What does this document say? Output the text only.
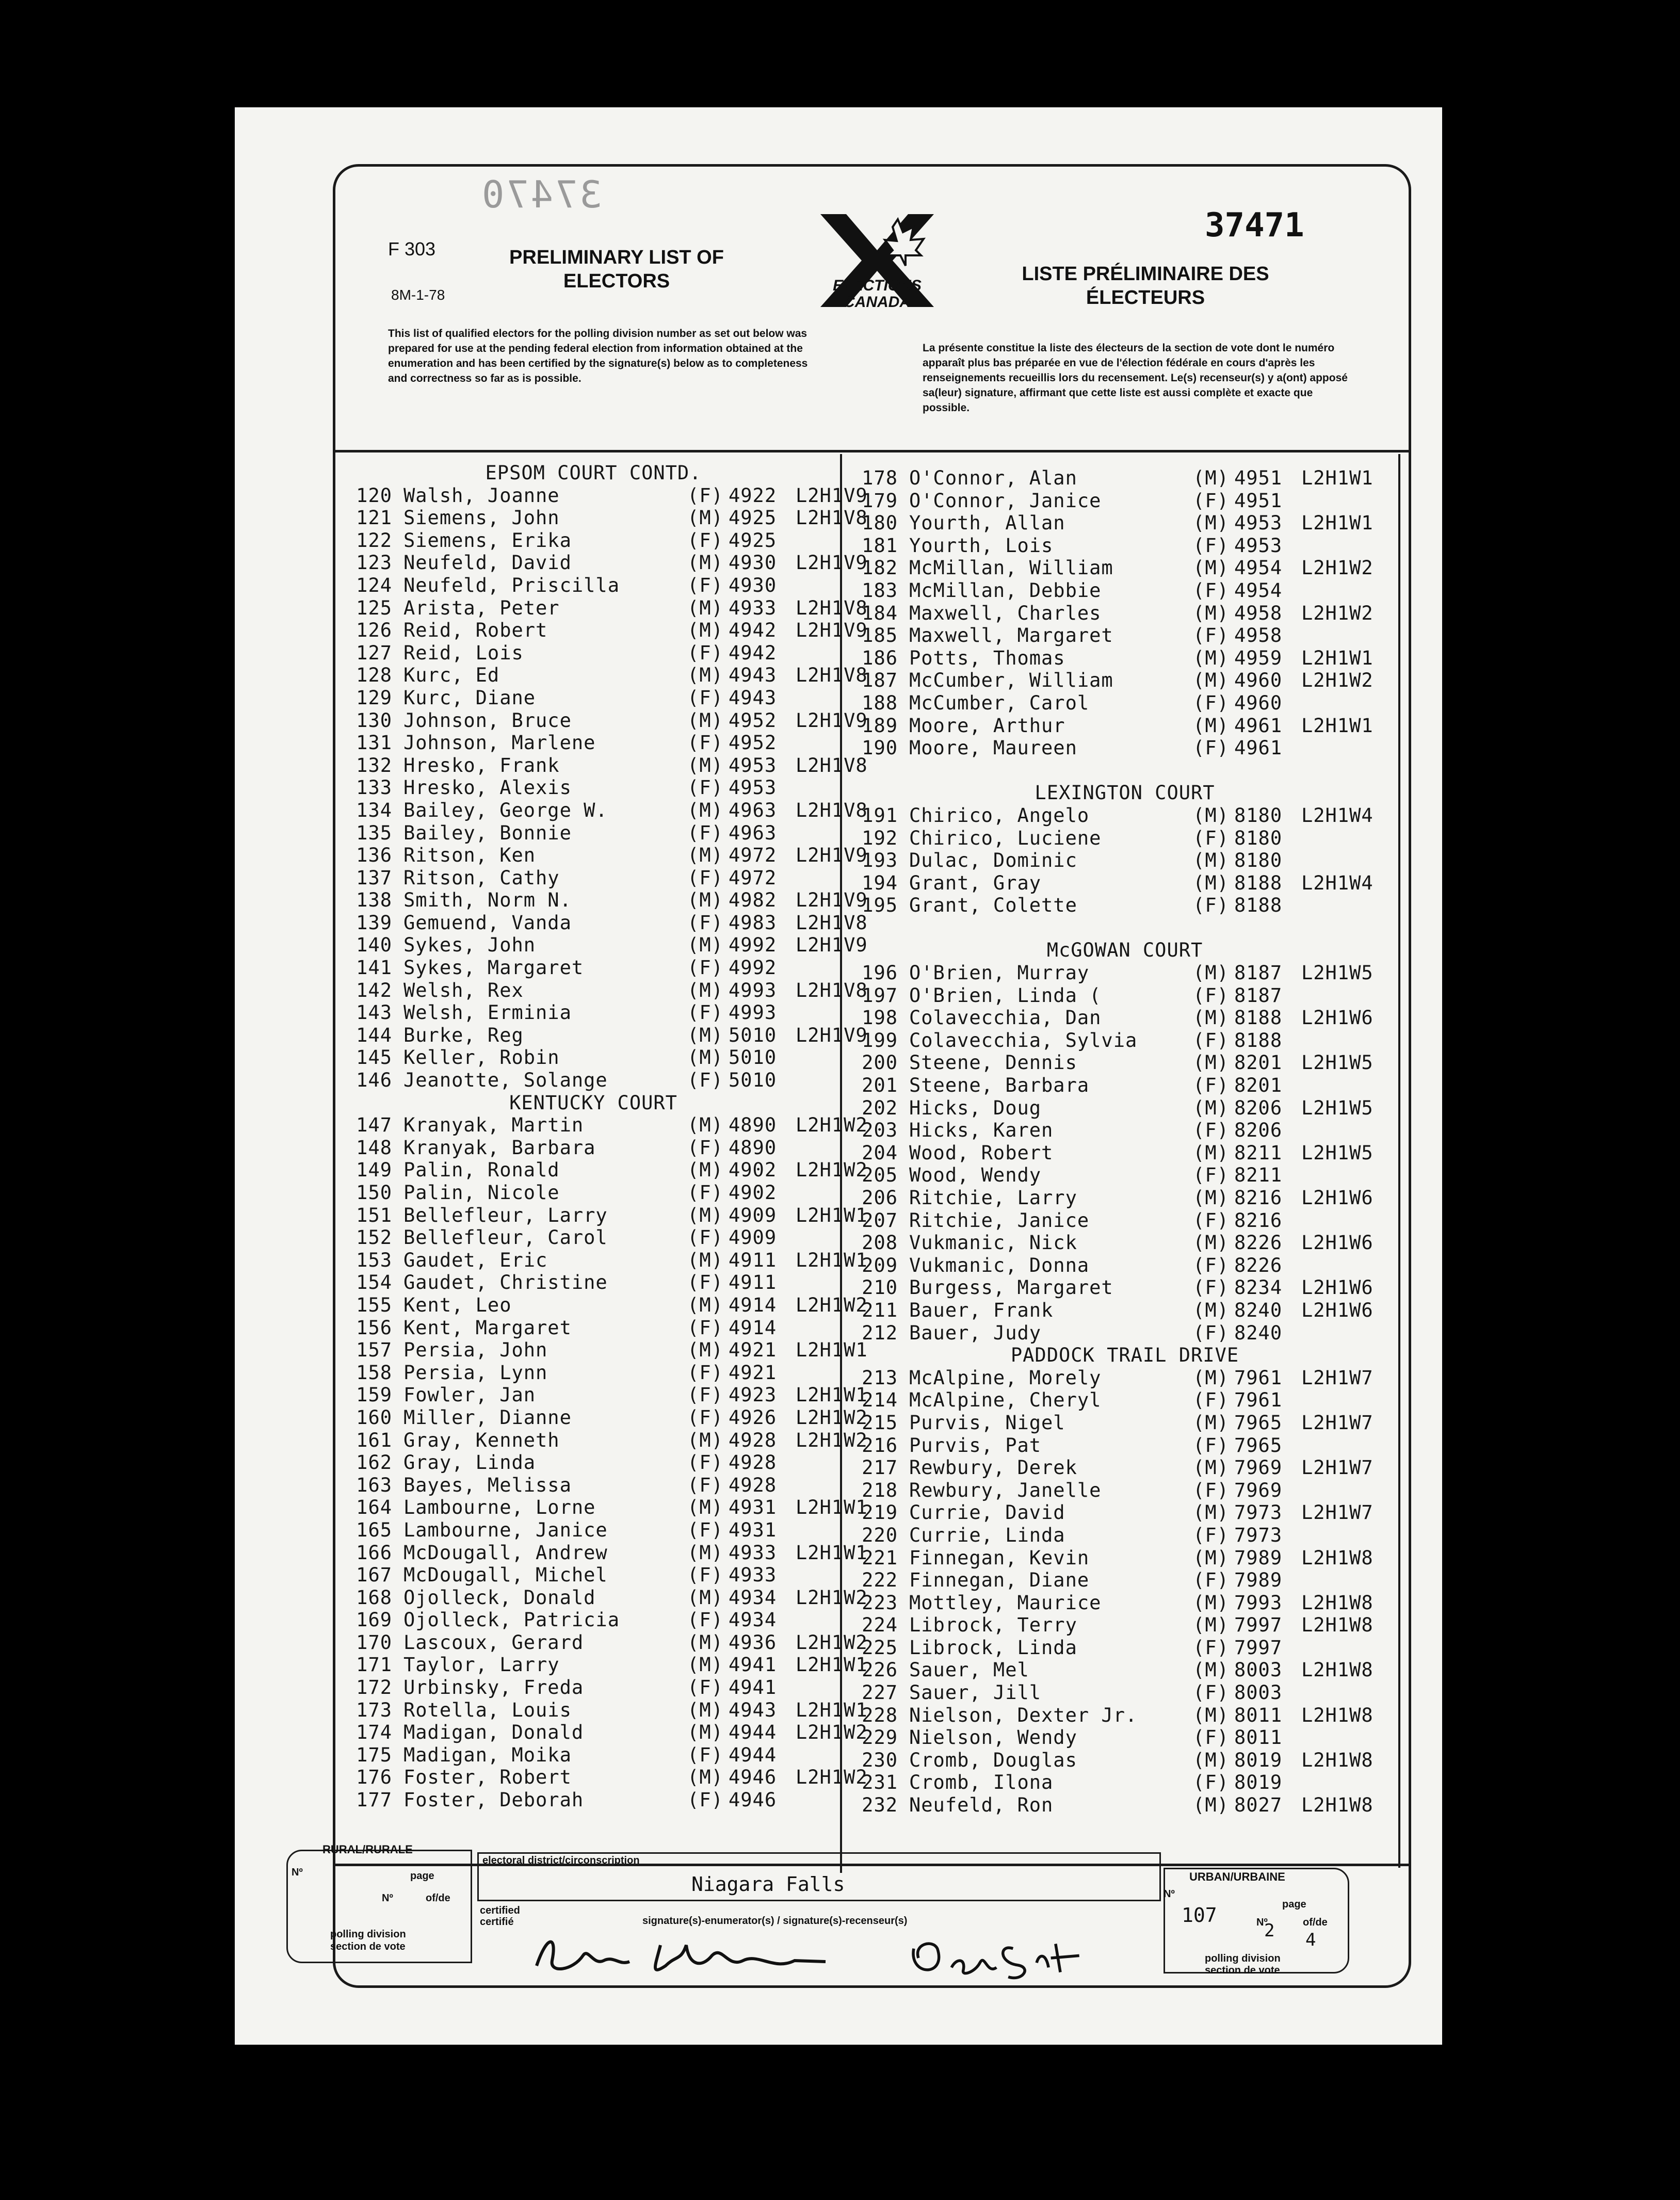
37470
37471
F 303
8M-1-78
PRELIMINARY LIST OF
ELECTORS	ELECTIONS
CANADA
LISTE PRÉLIMINAIRE DES
ÉLECTEURS
This list of qualified electors for the polling division number as set out below was prepared for use at the pending federal election from information obtained at the enumeration and has been certified by the signature(s) below as to completeness and correctness so far as is possible.
La présente constitue la liste des électeurs de la section de vote dont le numéro apparaît plus bas préparée en vue de l'élection fédérale en cours d'après les renseignements recueillis lors du recensement. Le(s) recenseur(s) y a(ont) apposé sa(leur) signature, affirmant que cette liste est aussi complète et exacte que possible.
EPSOM COURT CONTD.
120 Walsh, Joanne	(F) 4922 L2H1V9
121 Siemens, John	(M) 4925 L2H1V8
122 Siemens, Erika	(F) 4925
123 Neufeld, David	(M) 4930 L2H1V9
124 Neufeld, Priscilla	(F) 4930
125 Arista, Peter	(M) 4933 L2H1V8
126 Reid, Robert	(M) 4942 L2H1V9
127 Reid, Lois	(F) 4942
128 Kurc, Ed	(M) 4943 L2H1V8
129 Kurc, Diane	(F) 4943
130 Johnson, Bruce	(M) 4952 L2H1V9
131 Johnson, Marlene	(F) 4952
132 Hresko, Frank	(M) 4953 L2H1V8
133 Hresko, Alexis	(F) 4953
134 Bailey, George W.	(M) 4963 L2H1V8
135 Bailey, Bonnie	(F) 4963
136 Ritson, Ken	(M) 4972 L2H1V9
137 Ritson, Cathy	(F) 4972
138 Smith, Norm N.	(M) 4982 L2H1V9
139 Gemuend, Vanda	(F) 4983 L2H1V8
140 Sykes, John	(M) 4992 L2H1V9
141 Sykes, Margaret	(F) 4992
142 Welsh, Rex	(M) 4993 L2H1V8
143 Welsh, Erminia	(F) 4993
144 Burke, Reg	(M) 5010 L2H1V9
145 Keller, Robin	(M) 5010
146 Jeanotte, Solange	(F) 5010
KENTUCKY COURT
147 Kranyak, Martin	(M) 4890 L2H1W2
148 Kranyak, Barbara	(F) 4890
149 Palin, Ronald	(M) 4902 L2H1W2
150 Palin, Nicole	(F) 4902
151 Bellefleur, Larry	(M) 4909 L2H1W1
152 Bellefleur, Carol	(F) 4909
153 Gaudet, Eric	(M) 4911 L2H1W1
154 Gaudet, Christine	(F) 4911
155 Kent, Leo	(M) 4914 L2H1W2
156 Kent, Margaret	(F) 4914
157 Persia, John	(M) 4921 L2H1W1
158 Persia, Lynn	(F) 4921
159 Fowler, Jan	(F) 4923 L2H1W1
160 Miller, Dianne	(F) 4926 L2H1W2
161 Gray, Kenneth	(M) 4928 L2H1W2
162 Gray, Linda	(F) 4928
163 Bayes, Melissa	(F) 4928
164 Lambourne, Lorne	(M) 4931 L2H1W1
165 Lambourne, Janice	(F) 4931
166 McDougall, Andrew	(M) 4933 L2H1W1
167 McDougall, Michel	(F) 4933
168 Ojolleck, Donald	(M) 4934 L2H1W2
169 Ojolleck, Patricia	(F) 4934
170 Lascoux, Gerard	(M) 4936 L2H1W2
171 Taylor, Larry	(M) 4941 L2H1W1
172 Urbinsky, Freda	(F) 4941
173 Rotella, Louis	(M) 4943 L2H1W1
174 Madigan, Donald	(M) 4944 L2H1W2
175 Madigan, Moika	(F) 4944
176 Foster, Robert	(M) 4946 L2H1W2
177 Foster, Deborah	(F) 4946
178 O'Connor, Alan	(M) 4951 L2H1W1
179 O'Connor, Janice	(F) 4951
180 Yourth, Allan	(M) 4953 L2H1W1
181 Yourth, Lois	(F) 4953
182 McMillan, William	(M) 4954 L2H1W2
183 McMillan, Debbie	(F) 4954
184 Maxwell, Charles	(M) 4958 L2H1W2
185 Maxwell, Margaret	(F) 4958
186 Potts, Thomas	(M) 4959 L2H1W1
187 McCumber, William	(M) 4960 L2H1W2
188 McCumber, Carol	(F) 4960
189 Moore, Arthur	(M) 4961 L2H1W1
190 Moore, Maureen	(F) 4961
LEXINGTON COURT
191 Chirico, Angelo	(M) 8180 L2H1W4
192 Chirico, Luciene	(F) 8180
193 Dulac, Dominic	(M) 8180
194 Grant, Gray	(M) 8188 L2H1W4
195 Grant, Colette	(F) 8188
McGOWAN COURT
196 O'Brien, Murray	(M) 8187 L2H1W5
197 O'Brien, Linda (	(F) 8187
198 Colavecchia, Dan	(M) 8188 L2H1W6
199 Colavecchia, Sylvia	(F) 8188
200 Steene, Dennis	(M) 8201 L2H1W5
201 Steene, Barbara	(F) 8201
202 Hicks, Doug	(M) 8206 L2H1W5
203 Hicks, Karen	(F) 8206
204 Wood, Robert	(M) 8211 L2H1W5
205 Wood, Wendy	(F) 8211
206 Ritchie, Larry	(M) 8216 L2H1W6
207 Ritchie, Janice	(F) 8216
208 Vukmanic, Nick	(M) 8226 L2H1W6
209 Vukmanic, Donna	(F) 8226
210 Burgess, Margaret	(F) 8234 L2H1W6
211 Bauer, Frank	(M) 8240 L2H1W6
212 Bauer, Judy	(F) 8240
PADDOCK TRAIL DRIVE
213 McAlpine, Morely	(M) 7961 L2H1W7
214 McAlpine, Cheryl	(F) 7961
215 Purvis, Nigel	(M) 7965 L2H1W7
216 Purvis, Pat	(F) 7965
217 Rewbury, Derek	(M) 7969 L2H1W7
218 Rewbury, Janelle	(F) 7969
219 Currie, David	(M) 7973 L2H1W7
220 Currie, Linda	(F) 7973
221 Finnegan, Kevin	(M) 7989 L2H1W8
222 Finnegan, Diane	(F) 7989
223 Mottley, Maurice	(M) 7993 L2H1W8
224 Librock, Terry	(M) 7997 L2H1W8
225 Librock, Linda	(F) 7997
226 Sauer, Mel	(M) 8003 L2H1W8
227 Sauer, Jill	(F) 8003
228 Nielson, Dexter Jr.	(M) 8011 L2H1W8
229 Nielson, Wendy	(F) 8011
230 Cromb, Douglas	(M) 8019 L2H1W8
231 Cromb, Ilona	(F) 8019
232 Neufeld, Ron	(M) 8027 L2H1W8
RURAL/RURALE
Nº	page
Nº	of/de
polling division
section de vote
electoral district/circonscription
Niagara Falls
certified
certifié	signature(s)-enumerator(s) / signature(s)-recenseur(s)
URBAN/URBAINE
Nº
page
107	Nº	of/de
2 4
polling division
section de vote
